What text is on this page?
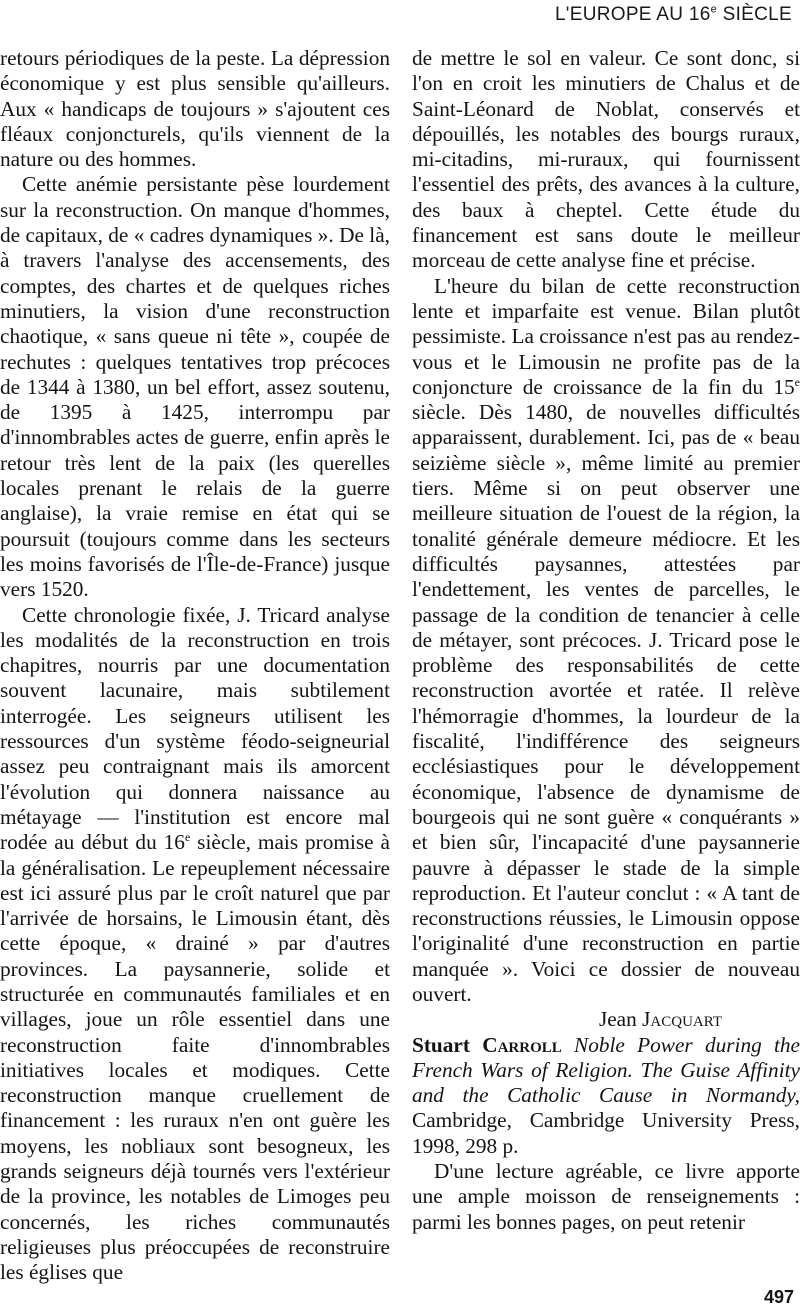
L'EUROPE AU 16e SIÈCLE

retours périodiques de la peste. La dépression économique y est plus sensible qu'ailleurs. Aux « handicaps de toujours » s'ajoutent ces fléaux conjoncturels, qu'ils viennent de la nature ou des hommes.

Cette anémie persistante pèse lourdement sur la reconstruction. On manque d'hommes, de capitaux, de « cadres dynamiques ». De là, à travers l'analyse des accensements, des comptes, des chartes et de quelques riches minutiers, la vision d'une reconstruction chaotique, « sans queue ni tête », coupée de rechutes : quelques tentatives trop précoces de 1344 à 1380, un bel effort, assez soutenu, de 1395 à 1425, interrompu par d'innombrables actes de guerre, enfin après le retour très lent de la paix (les querelles locales prenant le relais de la guerre anglaise), la vraie remise en état qui se poursuit (toujours comme dans les secteurs les moins favorisés de l'Île-de-France) jusque vers 1520.

Cette chronologie fixée, J. Tricard analyse les modalités de la reconstruction en trois chapitres, nourris par une documentation souvent lacunaire, mais subtilement interrogée. Les seigneurs utilisent les ressources d'un système féodo-seigneurial assez peu contraignant mais ils amorcent l'évolution qui donnera naissance au métayage — l'institution est encore mal rodée au début du 16e siècle, mais promise à la généralisation. Le repeuplement nécessaire est ici assuré plus par le croît naturel que par l'arrivée de horsains, le Limousin étant, dès cette époque, « drainé » par d'autres provinces. La paysannerie, solide et structurée en communautés familiales et en villages, joue un rôle essentiel dans une reconstruction faite d'innombrables initiatives locales et modiques. Cette reconstruction manque cruellement de financement : les ruraux n'en ont guère les moyens, les nobliaux sont besogneux, les grands seigneurs déjà tournés vers l'extérieur de la province, les notables de Limoges peu concernés, les riches communautés religieuses plus préoccupées de reconstruire les églises que

de mettre le sol en valeur. Ce sont donc, si l'on en croit les minutiers de Chalus et de Saint-Léonard de Noblat, conservés et dépouillés, les notables des bourgs ruraux, mi-citadins, mi-ruraux, qui fournissent l'essentiel des prêts, des avances à la culture, des baux à cheptel. Cette étude du financement est sans doute le meilleur morceau de cette analyse fine et précise.

L'heure du bilan de cette reconstruction lente et imparfaite est venue. Bilan plutôt pessimiste. La croissance n'est pas au rendez-vous et le Limousin ne profite pas de la conjoncture de croissance de la fin du 15e siècle. Dès 1480, de nouvelles difficultés apparaissent, durablement. Ici, pas de « beau seizième siècle », même limité au premier tiers. Même si on peut observer une meilleure situation de l'ouest de la région, la tonalité générale demeure médiocre. Et les difficultés paysannes, attestées par l'endettement, les ventes de parcelles, le passage de la condition de tenancier à celle de métayer, sont précoces. J. Tricard pose le problème des responsabilités de cette reconstruction avortée et ratée. Il relève l'hémorragie d'hommes, la lourdeur de la fiscalité, l'indifférence des seigneurs ecclésiastiques pour le développement économique, l'absence de dynamisme de bourgeois qui ne sont guère « conquérants » et bien sûr, l'incapacité d'une paysannerie pauvre à dépasser le stade de la simple reproduction. Et l'auteur conclut : « A tant de reconstructions réussies, le Limousin oppose l'originalité d'une reconstruction en partie manquée ». Voici ce dossier de nouveau ouvert.

Jean Jacquart

Stuart Carroll Noble Power during the French Wars of Religion. The Guise Affinity and the Catholic Cause in Normandy, Cambridge, Cambridge University Press, 1998, 298 p.

D'une lecture agréable, ce livre apporte une ample moisson de renseignements : parmi les bonnes pages, on peut retenir

497
